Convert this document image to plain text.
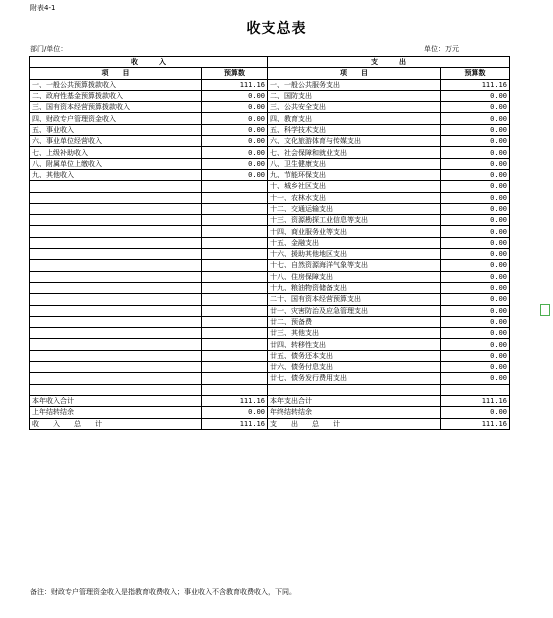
附表4-1
收支总表
部门/单位：	单位：万元
收　　　入		支　　　出	
项　　目	预算数	项　　目	预算数
一、一般公共预算拨款收入	111.16	一、一般公共服务支出	111.16
二、政府性基金预算拨款收入	0.00	二、国防支出	0.00
三、国有资本经营预算拨款收入	0.00	三、公共安全支出	0.00
四、财政专户管理资金收入	0.00	四、教育支出	0.00
五、事业收入	0.00	五、科学技术支出	0.00
六、事业单位经营收入	0.00	六、文化旅游体育与传媒支出	0.00
七、上级补助收入	0.00	七、社会保障和就业支出	0.00
八、附属单位上缴收入	0.00	八、卫生健康支出	0.00
九、其他收入	0.00	九、节能环保支出	0.00
		十、城乡社区支出	0.00
		十一、农林水支出	0.00
		十二、交通运输支出	0.00
		十三、资源勘探工业信息等支出	0.00
		十四、商业服务业等支出	0.00
		十五、金融支出	0.00
		十六、援助其他地区支出	0.00
		十七、自然资源海洋气象等支出	0.00
		十八、住房保障支出	0.00
		十九、粮油物资储备支出	0.00
		二十、国有资本经营预算支出	0.00
		廿一、灾害防治及应急管理支出	0.00
		廿二、预备费	0.00
		廿三、其他支出	0.00
		廿四、转移性支出	0.00
		廿五、债务还本支出	0.00
		廿六、债务付息支出	0.00
		廿七、债务发行费用支出	0.00

本年收入合计	111.16	本年支出合计	111.16
上年结转结余	0.00	年终结转结余	0.00
收　　入　　总　　计	111.16	支　　出　　总　　计	111.16
备注：财政专户管理资金收入是指教育收费收入；事业收入不含教育收费收入，下同。
